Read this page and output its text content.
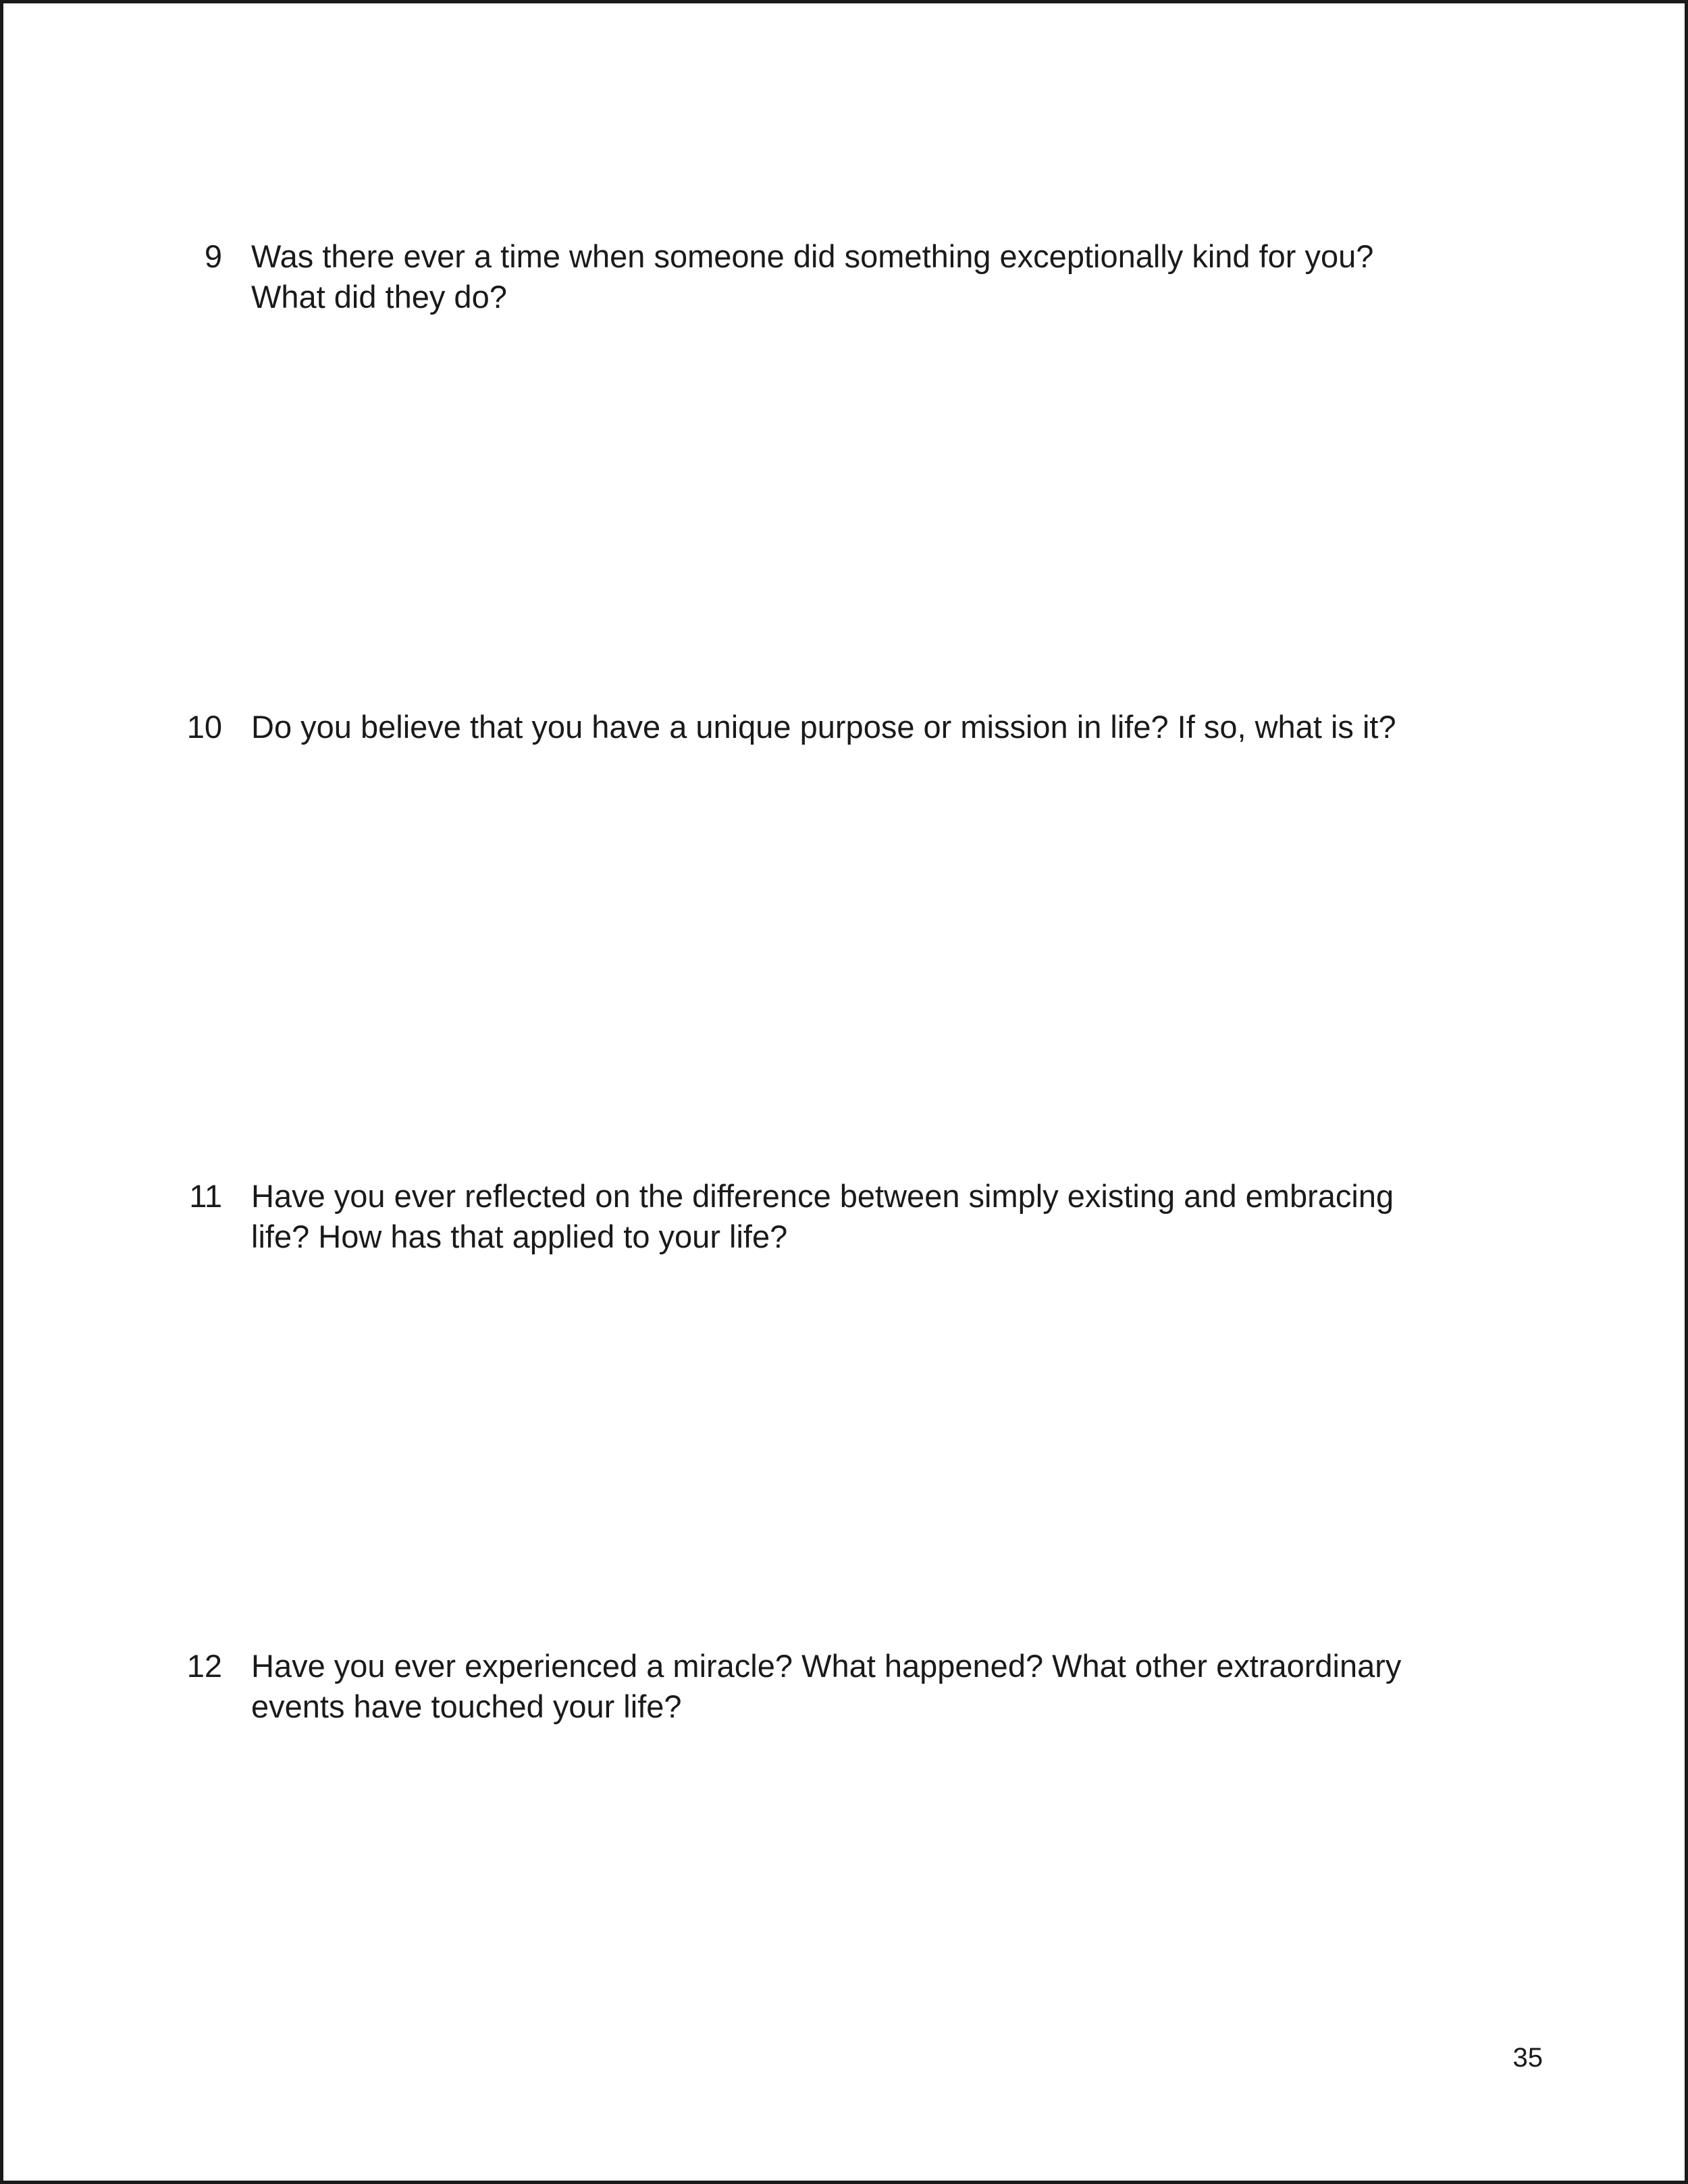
9 Was there ever a time when someone did something exceptionally kind for you?
What did they do?
10 Do you believe that you have a unique purpose or mission in life? If so, what is it?
11 Have you ever reflected on the difference between simply existing and embracing
life? How has that applied to your life?
12 Have you ever experienced a miracle? What happened? What other extraordinary
events have touched your life?
35
